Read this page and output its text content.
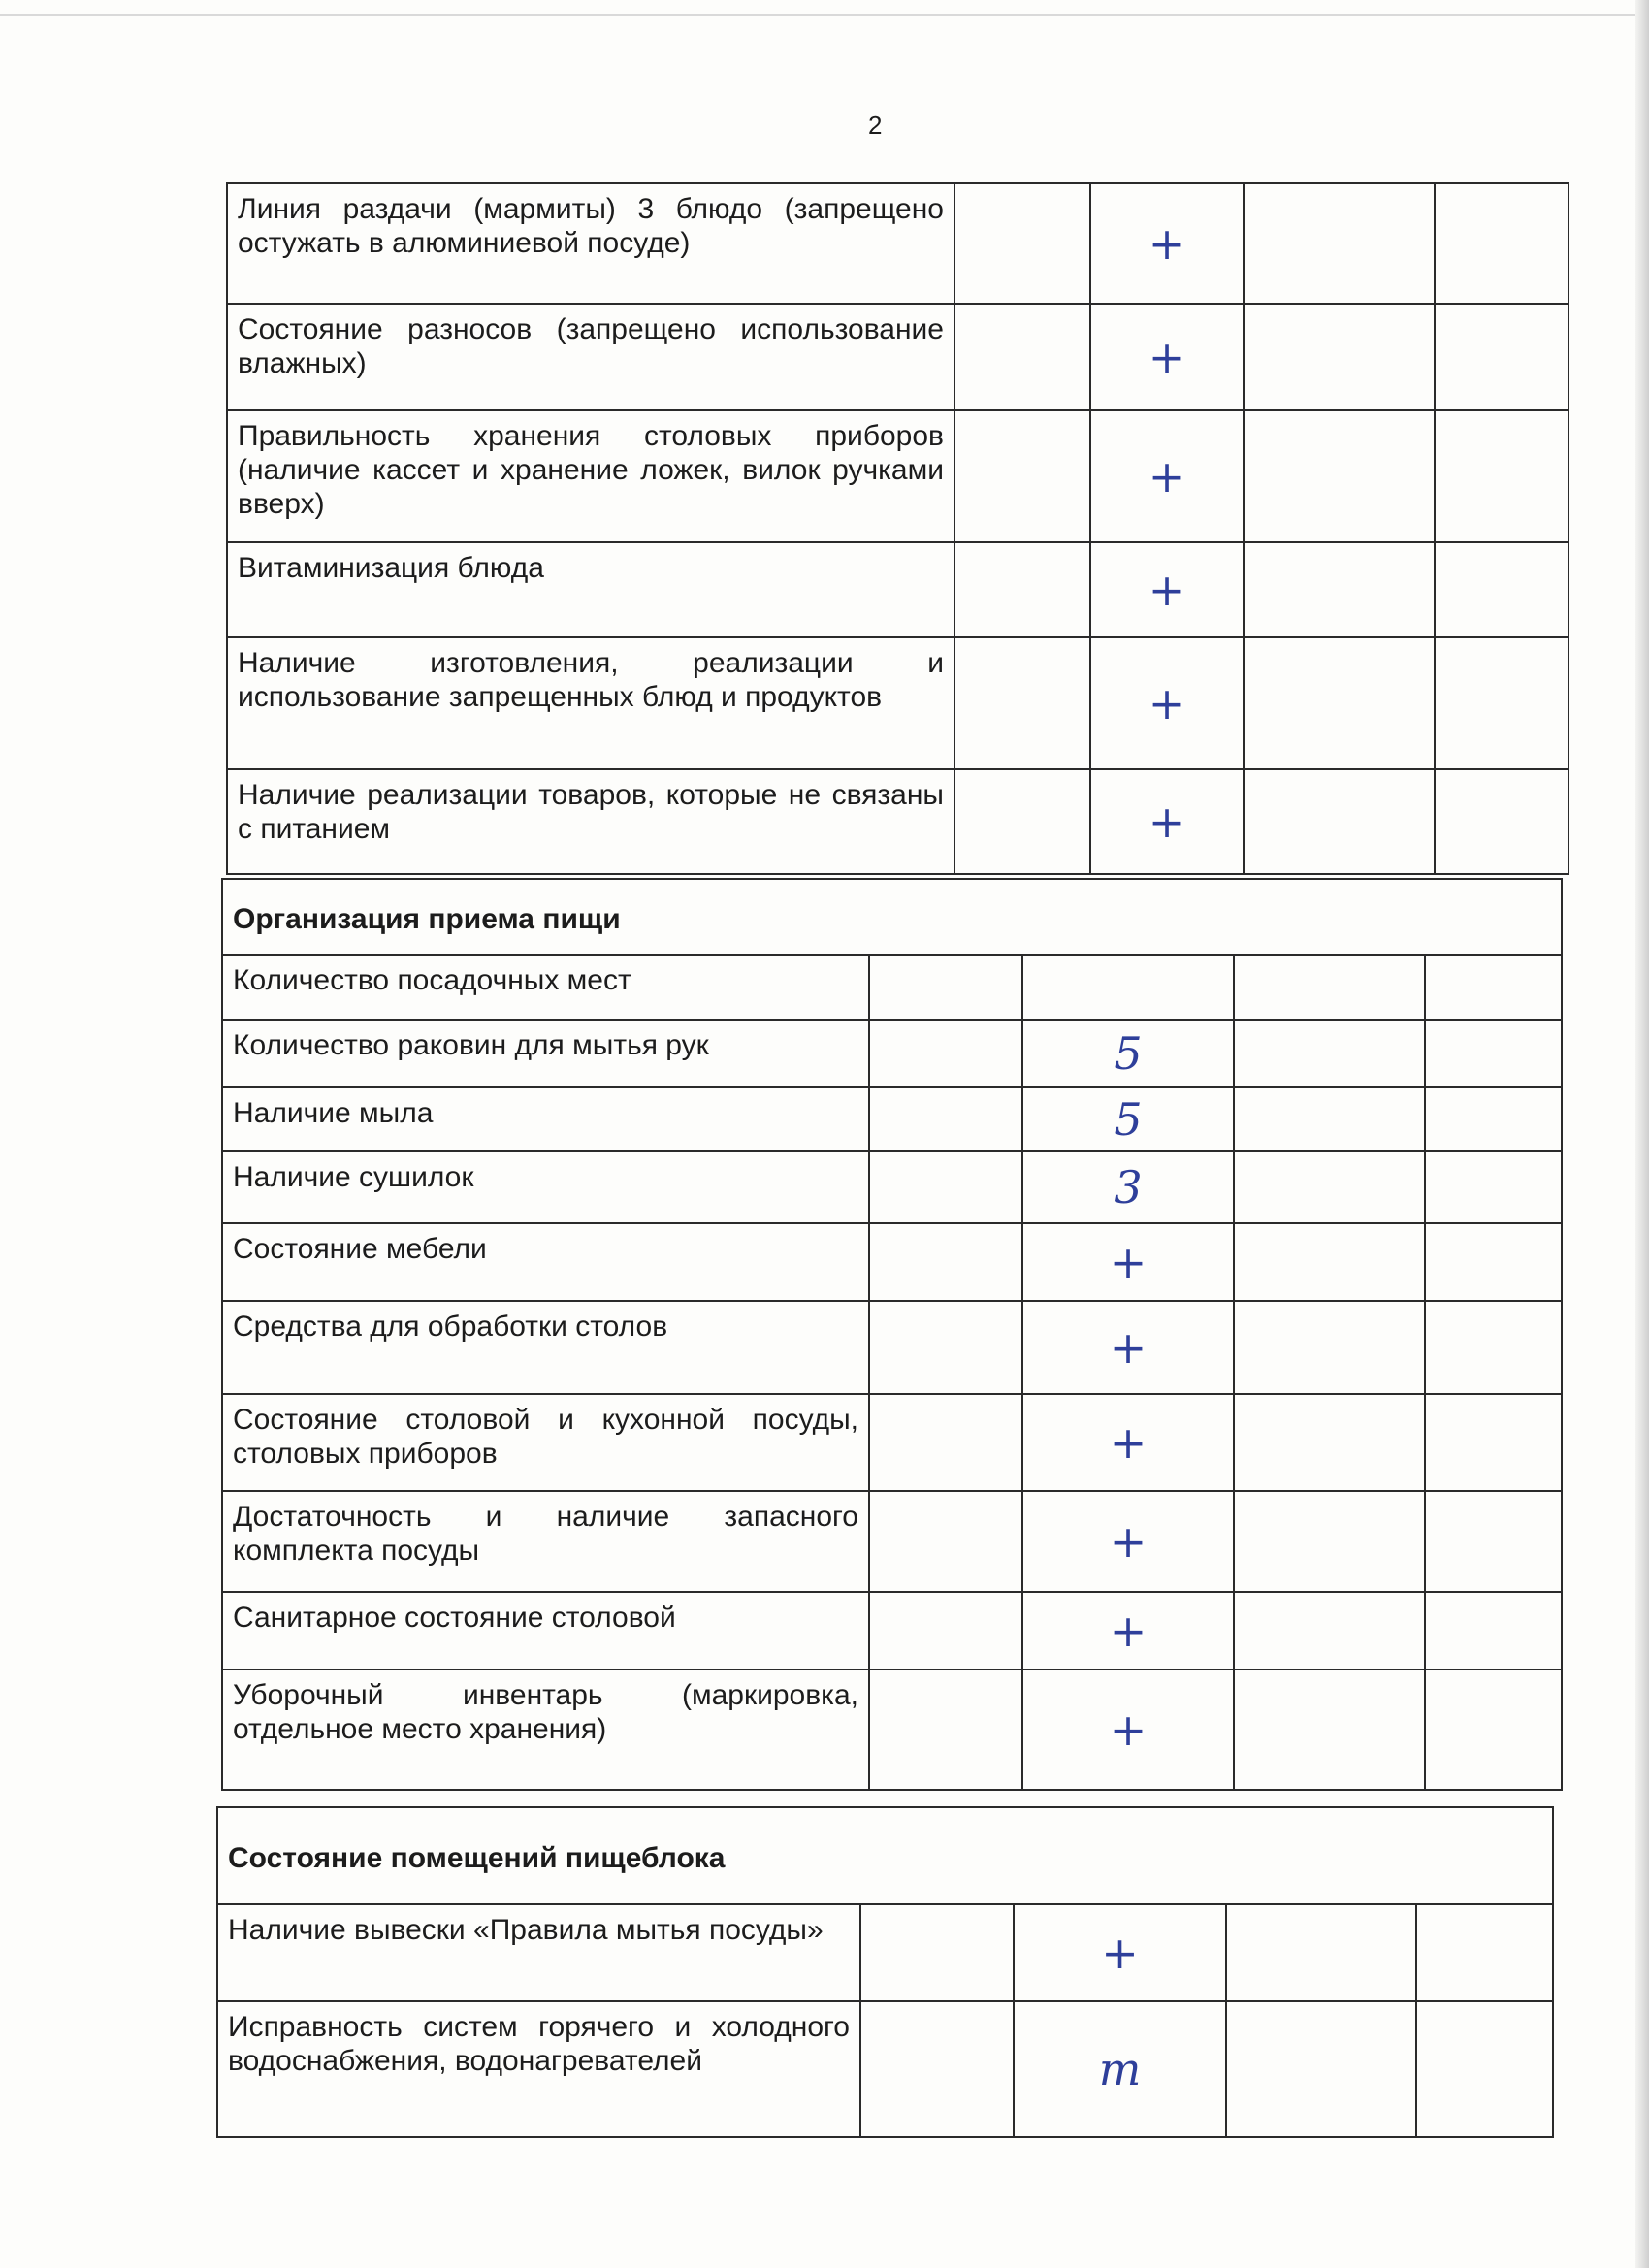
2
Линия раздачи (мармиты) 3 блюдо (запрещено остужать в алюминиевой посуде)		+		
Состояние разносов (запрещено использование влажных)		+		
Правильность хранения столовых приборов (наличие кассет и хранение ложек, вилок ручками вверх)		+		
Витаминизация блюда		+		
Наличие изготовления, реализации и использование запрещенных блюд и продуктов		+		
Наличие реализации товаров, которые не связаны с питанием		+		
Организация приема пищи				
Количество посадочных мест				
Количество раковин для мытья рук		5		
Наличие мыла		5		
Наличие сушилок		3		
Состояние мебели		+		
Средства для обработки столов		+		
Состояние столовой и кухонной посуды, столовых приборов		+		
Достаточность и наличие запасного комплекта посуды		+		
Санитарное состояние столовой		+		
Уборочный инвентарь (маркировка, отдельное место хранения)		+		
Состояние помещений пищеблока				
Наличие вывески «Правила мытья посуды»		+		
Исправность систем горячего и холодного водоснабжения, водонагревателей		т		
